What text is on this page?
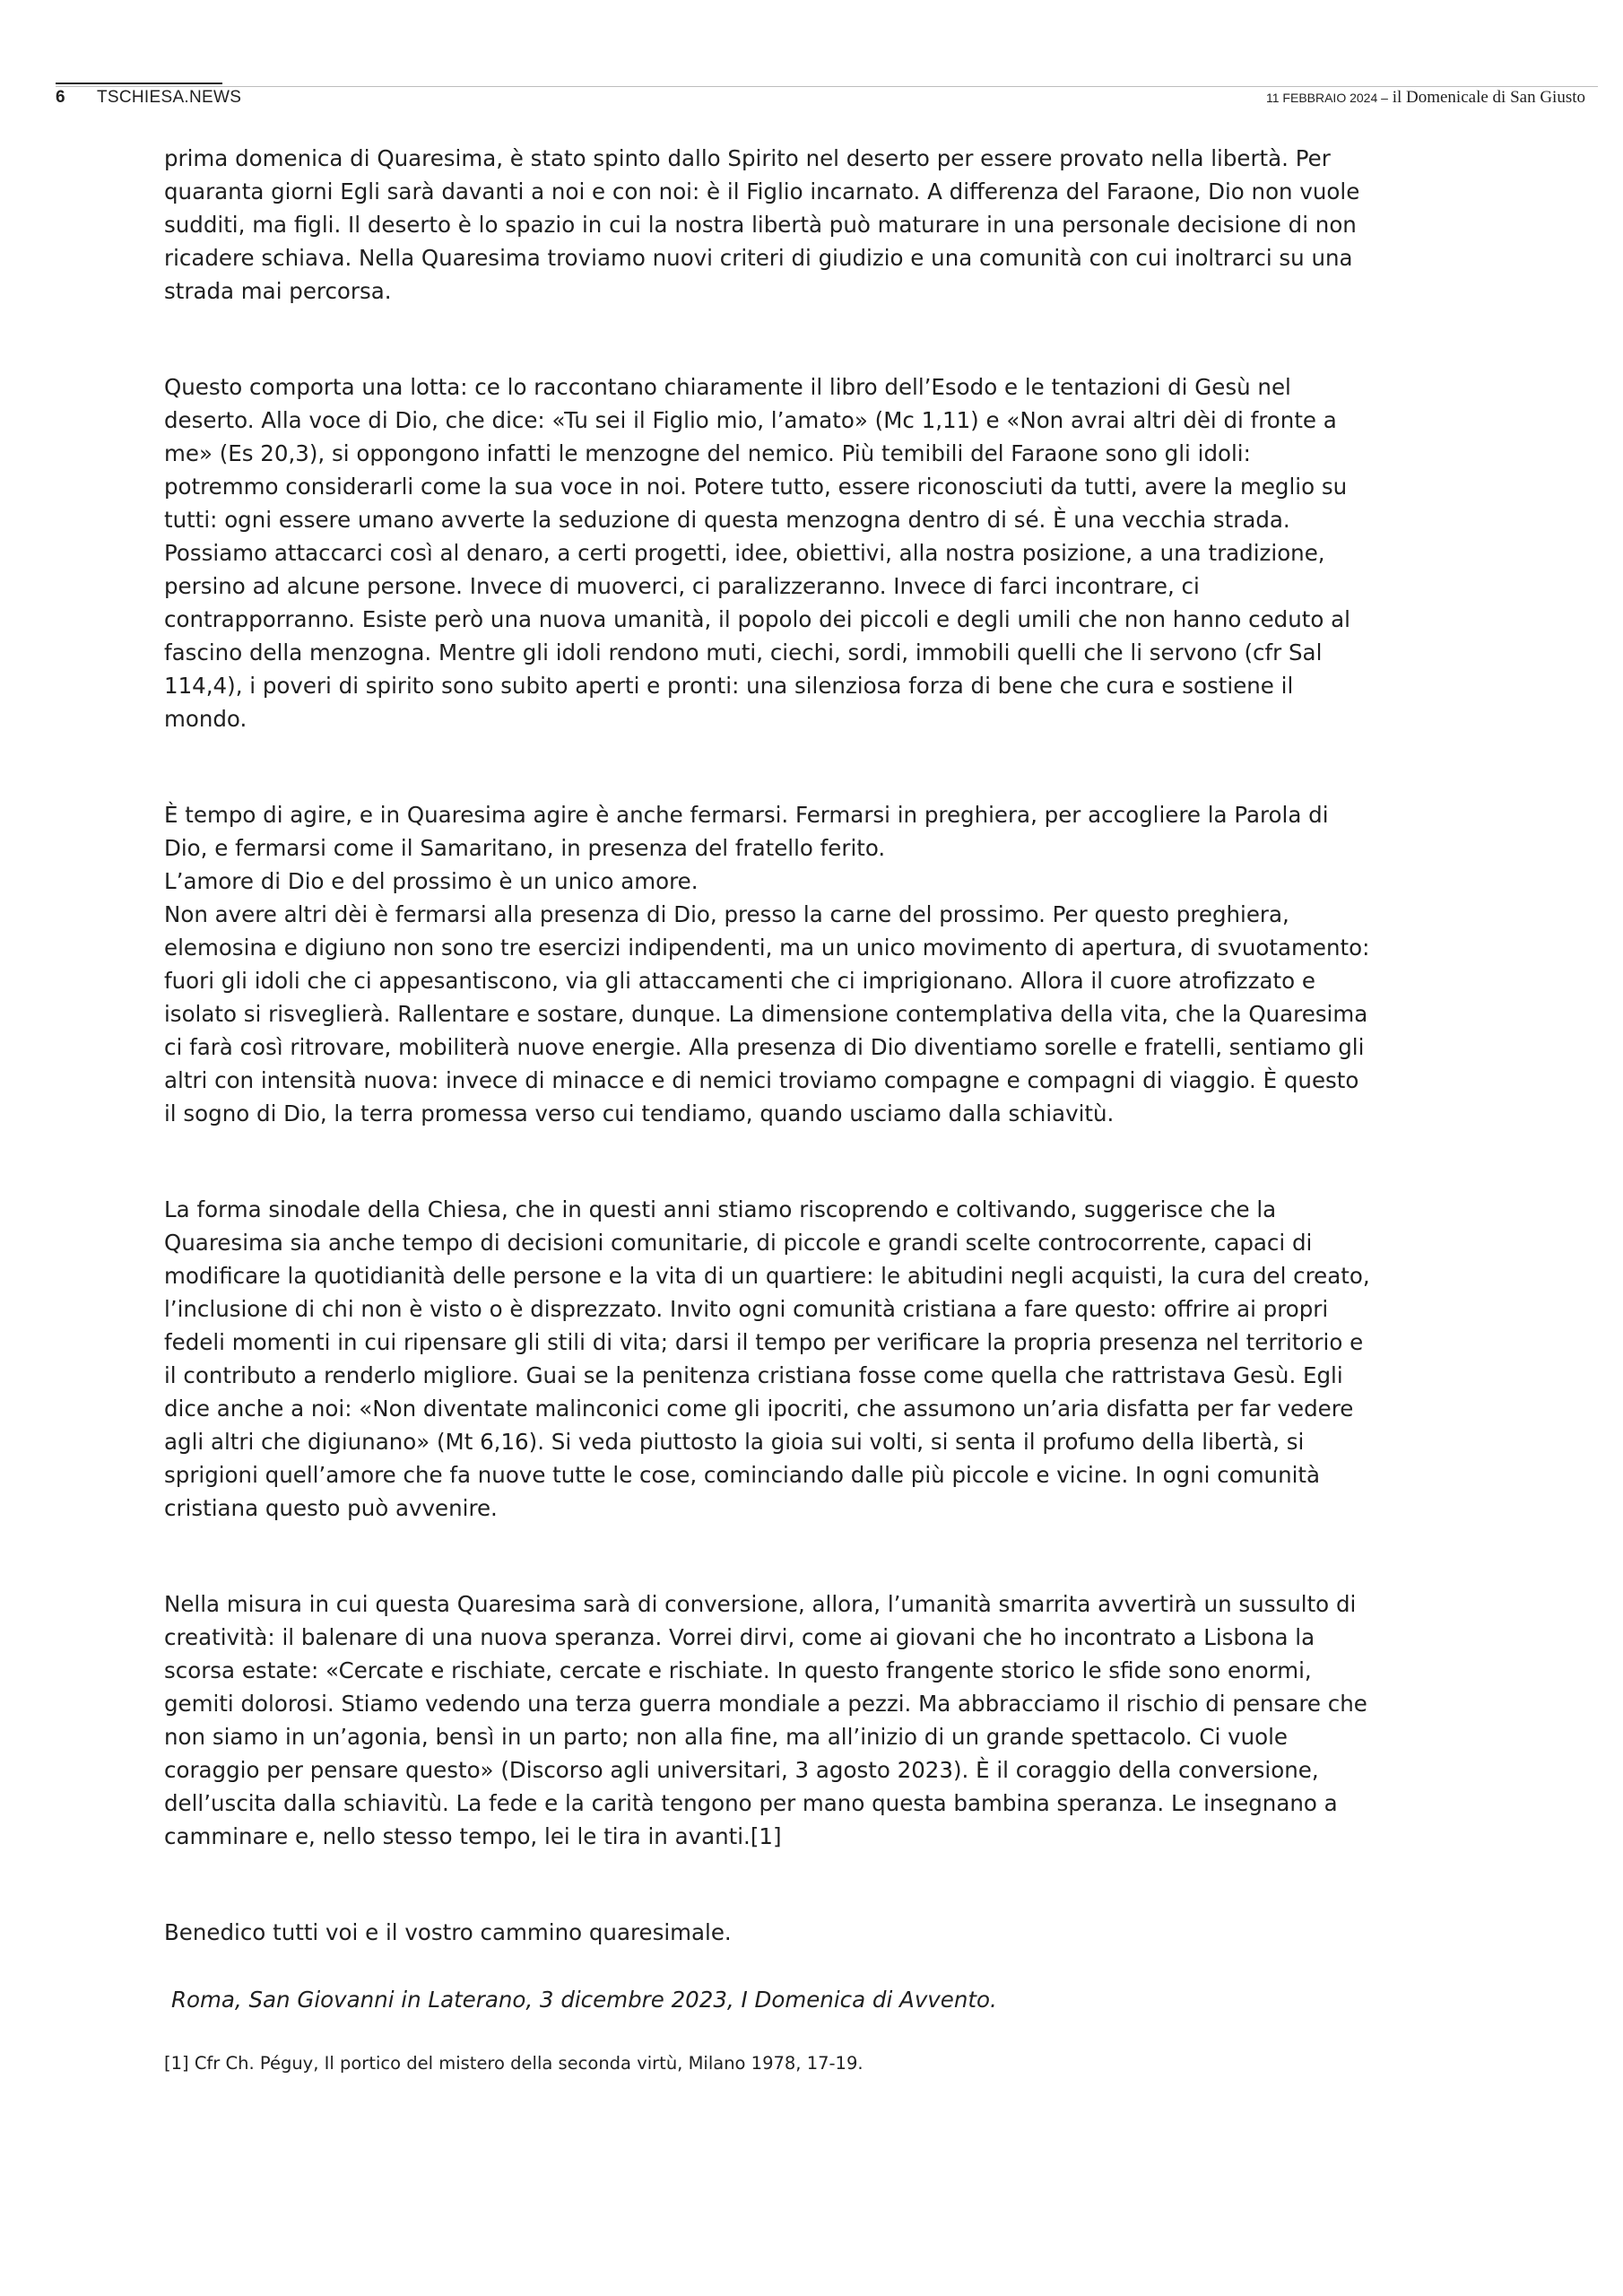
6 TSCHIESA.NEWS	11 FEBBRAIO 2024 – il Domenicale di San Giusto

prima domenica di Quaresima, è stato spinto dallo Spirito nel deserto per essere provato nella libertà. Per quaranta giorni Egli sarà davanti a noi e con noi: è il Figlio incarnato. A differenza del Faraone, Dio non vuole sudditi, ma figli. Il deserto è lo spazio in cui la nostra libertà può maturare in una personale decisione di non ricadere schiava. Nella Quaresima troviamo nuovi criteri di giudizio e una comunità con cui inoltrarci su una strada mai percorsa.

Questo comporta una lotta: ce lo raccontano chiaramente il libro dell’Esodo e le tentazioni di Gesù nel deserto. Alla voce di Dio, che dice: «Tu sei il Figlio mio, l’amato» (Mc 1,11) e «Non avrai altri dèi di fronte a me» (Es 20,3), si oppongono infatti le menzogne del nemico. Più temibili del Faraone sono gli idoli: potremmo considerarli come la sua voce in noi. Potere tutto, essere riconosciuti da tutti, avere la meglio su tutti: ogni essere umano avverte la seduzione di questa menzogna dentro di sé. È una vecchia strada. Possiamo attaccarci così al denaro, a certi progetti, idee, obiettivi, alla nostra posizione, a una tradizione, persino ad alcune persone. Invece di muoverci, ci paralizzeranno. Invece di farci incontrare, ci contrapporranno. Esiste però una nuova umanità, il popolo dei piccoli e degli umili che non hanno ceduto al fascino della menzogna. Mentre gli idoli rendono muti, ciechi, sordi, immobili quelli che li servono (cfr Sal 114,4), i poveri di spirito sono subito aperti e pronti: una silenziosa forza di bene che cura e sostiene il mondo.

È tempo di agire, e in Quaresima agire è anche fermarsi. Fermarsi in preghiera, per accogliere la Parola di Dio, e fermarsi come il Samaritano, in presenza del fratello ferito.

L’amore di Dio e del prossimo è un unico amore.

Non avere altri dèi è fermarsi alla presenza di Dio, presso la carne del prossimo. Per questo preghiera, elemosina e digiuno non sono tre esercizi indipendenti, ma un unico movimento di apertura, di svuotamento: fuori gli idoli che ci appesantiscono, via gli attaccamenti che ci imprigionano. Allora il cuore atrofizzato e isolato si risveglierà. Rallentare e sostare, dunque. La dimensione contemplativa della vita, che la Quaresima ci farà così ritrovare, mobiliterà nuove energie. Alla presenza di Dio diventiamo sorelle e fratelli, sentiamo gli altri con intensità nuova: invece di minacce e di nemici troviamo compagne e compagni di viaggio. È questo il sogno di Dio, la terra promessa verso cui tendiamo, quando usciamo dalla schiavitù.

La forma sinodale della Chiesa, che in questi anni stiamo riscoprendo e coltivando, suggerisce che la Quaresima sia anche tempo di decisioni comunitarie, di piccole e grandi scelte controcorrente, capaci di modificare la quotidianità delle persone e la vita di un quartiere: le abitudini negli acquisti, la cura del creato, l’inclusione di chi non è visto o è disprezzato. Invito ogni comunità cristiana a fare questo: offrire ai propri fedeli momenti in cui ripensare gli stili di vita; darsi il tempo per verificare la propria presenza nel territorio e il contributo a renderlo migliore. Guai se la penitenza cristiana fosse come quella che rattristava Gesù. Egli dice anche a noi: «Non diventate malinconici come gli ipocriti, che assumono un’aria disfatta per far vedere agli altri che digiunano» (Mt 6,16). Si veda piuttosto la gioia sui volti, si senta il profumo della libertà, si sprigioni quell’amore che fa nuove tutte le cose, cominciando dalle più piccole e vicine. In ogni comunità cristiana questo può avvenire.

Nella misura in cui questa Quaresima sarà di conversione, allora, l’umanità smarrita avvertirà un sussulto di creatività: il balenare di una nuova speranza. Vorrei dirvi, come ai giovani che ho incontrato a Lisbona la scorsa estate: «Cercate e rischiate, cercate e rischiate. In questo frangente storico le sfide sono enormi, gemiti dolorosi. Stiamo vedendo una terza guerra mondiale a pezzi. Ma abbracciamo il rischio di pensare che non siamo in un’agonia, bensì in un parto; non alla fine, ma all’inizio di un grande spettacolo. Ci vuole coraggio per pensare questo» (Discorso agli universitari, 3 agosto 2023). È il coraggio della conversione, dell’uscita dalla schiavitù. La fede e la carità tengono per mano questa bambina speranza. Le insegnano a camminare e, nello stesso tempo, lei le tira in avanti.[1]

Benedico tutti voi e il vostro cammino quaresimale.

Roma, San Giovanni in Laterano, 3 dicembre 2023, I Domenica di Avvento.

[1] Cfr Ch. Péguy, Il portico del mistero della seconda virtù, Milano 1978, 17-19.
